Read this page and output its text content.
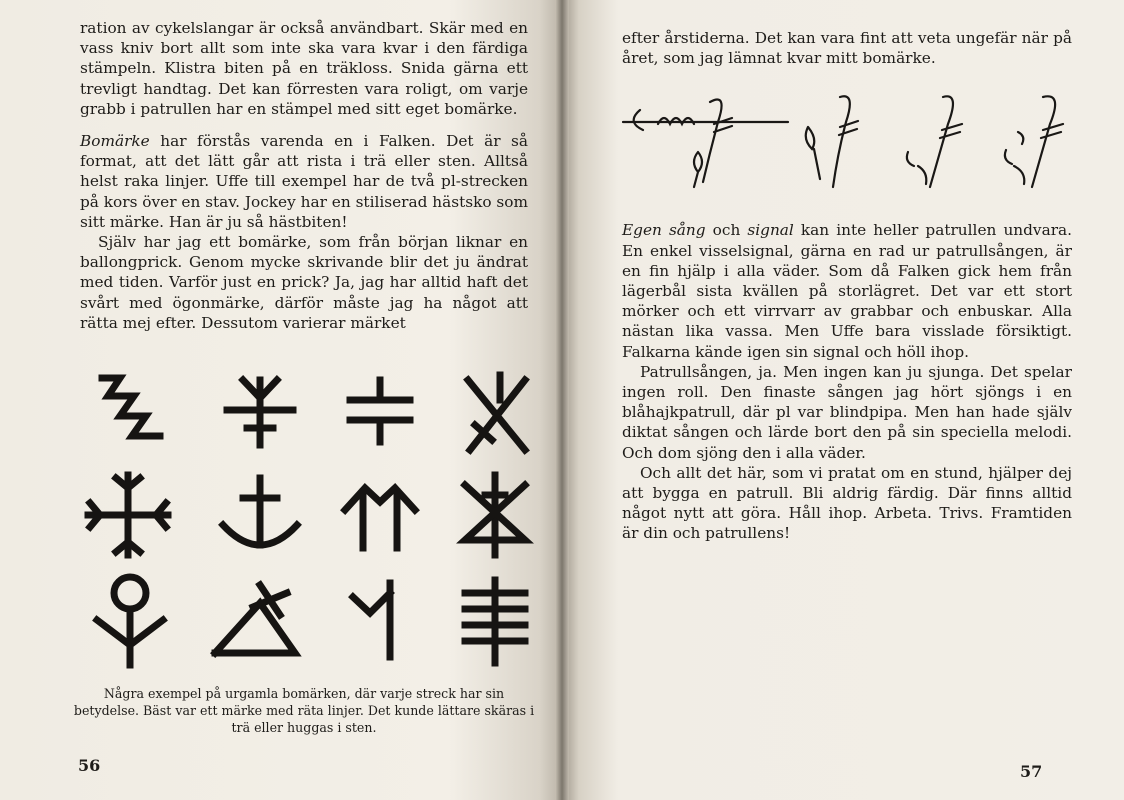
ration av cykelslangar är också användbart. Skär med en vass kniv bort allt som inte ska vara kvar i den färdiga stämpeln. Klistra biten på en träkloss. Snida gärna ett trevligt handtag. Det kan förresten vara roligt, om varje grabb i patrullen har en stämpel med sitt eget bomärke.

Bomärke har förstås varenda en i Falken. Det är så format, att det lätt går att rista i trä eller sten. Alltså helst raka linjer. Uffe till exempel har de två pl-strecken på kors över en stav. Jockey har en stiliserad hästsko som sitt märke. Han är ju så hästbiten!

Själv har jag ett bomärke, som från början liknar en ballongprick. Genom mycke skrivande blir det ju ändrat med tiden. Varför just en prick? Ja, jag har alltid haft det svårt med ögonmärke, därför måste jag ha något att rätta mej efter. Dessutom varierar märket

Några exempel på urgamla bomärken, där varje streck har sin betydelse. Bäst var ett märke med räta linjer. Det kunde lättare skäras i trä eller huggas i sten.

56

efter årstiderna. Det kan vara fint att veta ungefär när på året, som jag lämnat kvar mitt bomärke.

Egen sång och signal kan inte heller patrullen undvara. En enkel visselsignal, gärna en rad ur patrullsången, är en fin hjälp i alla väder. Som då Falken gick hem från lägerbål sista kvällen på storlägret. Det var ett stort mörker och ett virrvarr av grabbar och enbuskar. Alla nästan lika vassa. Men Uffe bara visslade försiktigt. Falkarna kände igen sin signal och höll ihop.

Patrullsången, ja. Men ingen kan ju sjunga. Det spelar ingen roll. Den finaste sången jag hört sjöngs i en blåhajkpatrull, där pl var blindpipa. Men han hade själv diktat sången och lärde bort den på sin speciella melodi. Och dom sjöng den i alla väder.

Och allt det här, som vi pratat om en stund, hjälper dej att bygga en patrull. Bli aldrig färdig. Där finns alltid något nytt att göra. Håll ihop. Arbeta. Trivs. Framtiden är din och patrullens!

57
